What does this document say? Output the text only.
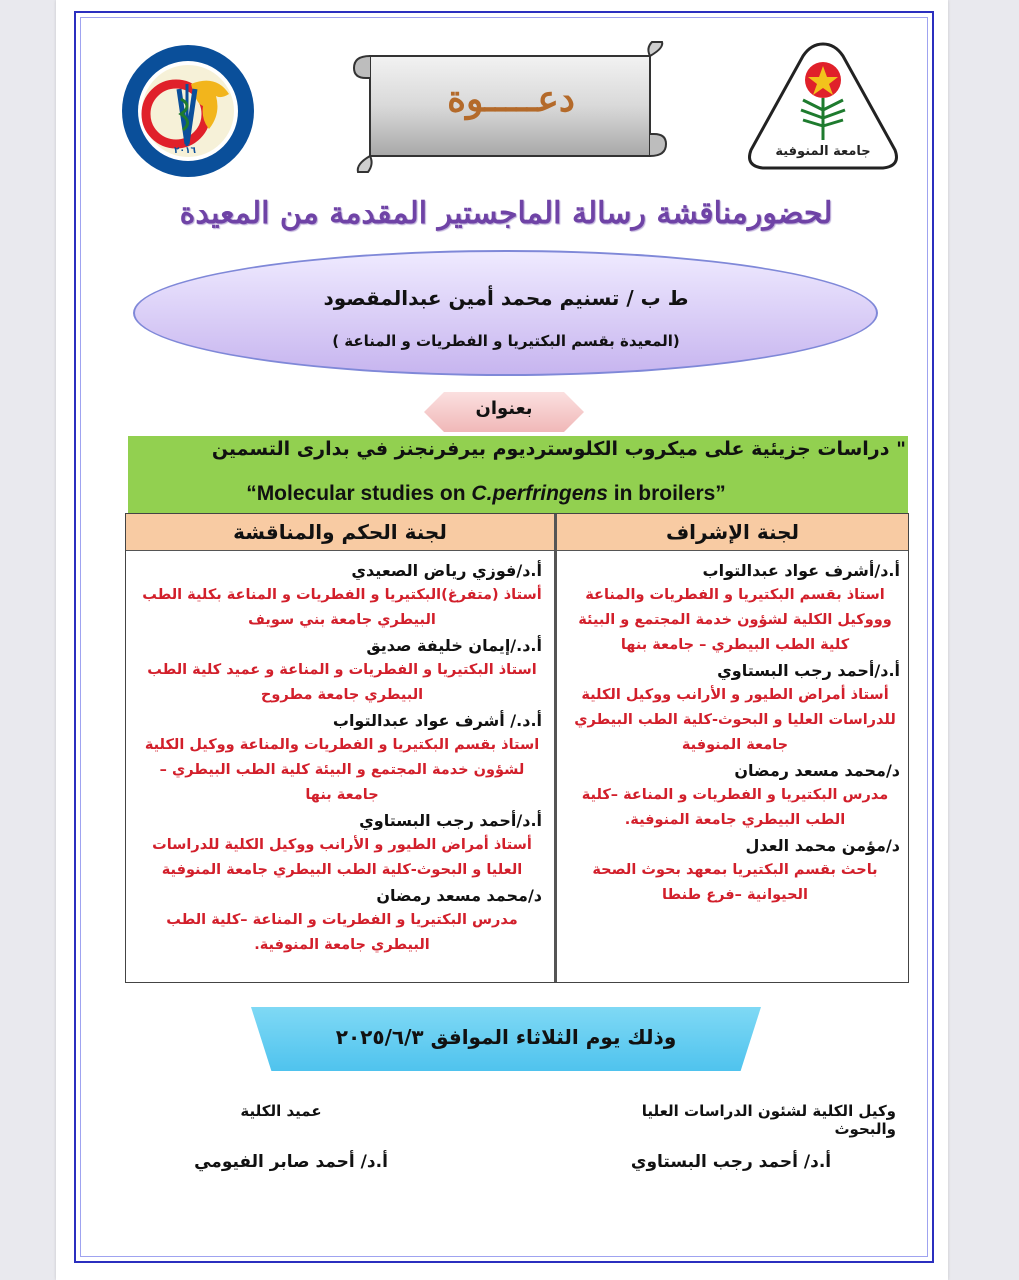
٢٠١٦
دعـــــوة
جامعة المنوفية
لحضورمناقشة رسالة الماجستير المقدمة من المعيدة
ط ب / تسنيم محمد أمين عبدالمقصود
(المعيدة بقسم البكتيريا و الفطريات و المناعة )
بعنوان
" دراسات جزيئية على ميكروب الكلوسترديوم بيرفرنجنز في بدارى التسمين
“Molecular studies on C.perfringens in broilers”
لجنة الإشراف
لجنة الحكم والمناقشة
أ.د/أشرف عواد عبدالتواب
استاذ بقسم البكتيريا و الفطريات والمناعة وووكيل الكلية لشؤون خدمة المجتمع و البيئة كلية الطب البيطري – جامعة بنها
أ.د/أحمد رجب البستاوي
أستاذ أمراض الطيور و الأرانب ووكيل الكلية للدراسات العليا و البحوث-كلية الطب البيطري جامعة المنوفية
د/محمد مسعد رمضان
مدرس البكتيريا و الفطريات و المناعة –كلية الطب البيطري جامعة المنوفية.
د/مؤمن محمد العدل
باحث بقسم البكتيريا بمعهد بحوث الصحة الحيوانية –فرع طنطا
أ.د/فوزي رياض الصعيدي
أستاذ (متفرغ)البكتيريا و الفطريات و المناعة بكلية الطب البيطري جامعة بني سويف
أ.د./إيمان خليفة صديق
استاذ البكتيريا و الفطريات و المناعة و عميد كلية الطب البيطري جامعة مطروح
أ.د./ أشرف عواد عبدالتواب
استاذ بقسم البكتيريا و الفطريات والمناعة ووكيل الكلية لشؤون خدمة المجتمع و البيئة كلية الطب البيطري – جامعة بنها
أ.د/أحمد رجب البستاوي
أستاذ أمراض الطيور و الأرانب ووكيل الكلية للدراسات العليا و البحوث-كلية الطب البيطري جامعة المنوفية
د/محمد مسعد رمضان
مدرس البكتيريا و الفطريات و المناعة –كلية الطب البيطري جامعة المنوفية.
وذلك يوم الثلاثاء الموافق ٢٠٢٥/٦/٣
وكيل الكلية لشئون الدراسات العليا والبحوث
أ.د/ أحمد رجب البستاوي
عميد الكلية
أ.د/ أحمد صابر الفيومي
